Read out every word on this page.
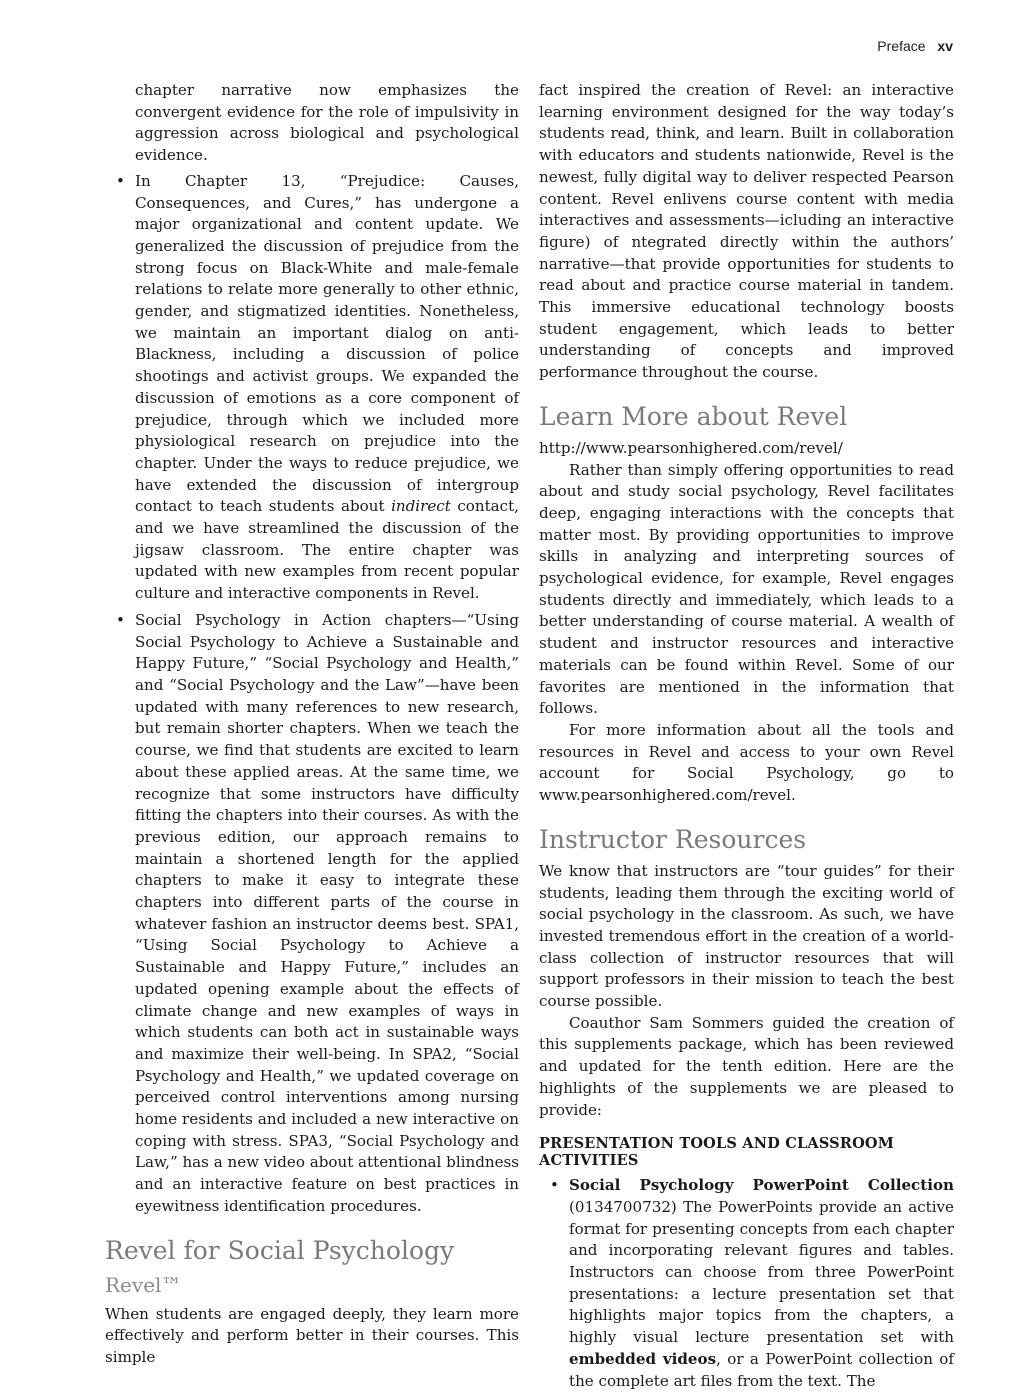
Preface xv

chapter narrative now emphasizes the convergent evidence for the role of impulsivity in aggression across biological and psychological evidence.

• In Chapter 13, “Prejudice: Causes, Consequences, and Cures,” has undergone a major organizational and content update. We generalized the discussion of prejudice from the strong focus on Black-White and male-female relations to relate more generally to other ethnic, gender, and stigmatized identities. Nonetheless, we maintain an important dialog on anti-Blackness, including a discussion of police shootings and activist groups. We expanded the discussion of emotions as a core component of prejudice, through which we included more physiological research on prejudice into the chapter. Under the ways to reduce prejudice, we have extended the discussion of intergroup contact to teach students about indirect contact, and we have streamlined the discussion of the jigsaw classroom. The entire chapter was updated with new examples from recent popular culture and interactive components in Revel.

• Social Psychology in Action chapters—“Using Social Psychology to Achieve a Sustainable and Happy Future,” “Social Psychology and Health,” and “Social Psychology and the Law”—have been updated with many references to new research, but remain shorter chapters. When we teach the course, we find that students are excited to learn about these applied areas. At the same time, we recognize that some instructors have difficulty fitting the chapters into their courses. As with the previous edition, our approach remains to maintain a shortened length for the applied chapters to make it easy to integrate these chapters into different parts of the course in whatever fashion an instructor deems best. SPA1, “Using Social Psychology to Achieve a Sustainable and Happy Future,” includes an updated opening example about the effects of climate change and new examples of ways in which students can both act in sustainable ways and maximize their well-being. In SPA2, “Social Psychology and Health,” we updated coverage on perceived control interventions among nursing home residents and included a new interactive on coping with stress. SPA3, “Social Psychology and Law,” has a new video about attentional blindness and an interactive feature on best practices in eyewitness identification procedures.

Revel for Social Psychology
Revel™

When students are engaged deeply, they learn more effectively and perform better in their courses. This simple

fact inspired the creation of Revel: an interactive learning environment designed for the way today’s students read, think, and learn. Built in collaboration with educators and students nationwide, Revel is the newest, fully digital way to deliver respected Pearson content. Revel enlivens course content with media interactives and assessments—icluding an interactive figure) of ntegrated directly within the authors’ narrative—that provide opportunities for students to read about and practice course material in tandem. This immersive educational technology boosts student engagement, which leads to better understanding of concepts and improved performance throughout the course.

Learn More about Revel

http://www.pearsonhighered.com/revel/

Rather than simply offering opportunities to read about and study social psychology, Revel facilitates deep, engaging interactions with the concepts that matter most. By providing opportunities to improve skills in analyzing and interpreting sources of psychological evidence, for example, Revel engages students directly and immediately, which leads to a better understanding of course material. A wealth of student and instructor resources and interactive materials can be found within Revel. Some of our favorites are mentioned in the information that follows.

For more information about all the tools and resources in Revel and access to your own Revel account for Social Psychology, go to www.pearsonhighered.com/revel.

Instructor Resources

We know that instructors are “tour guides” for their students, leading them through the exciting world of social psychology in the classroom. As such, we have invested tremendous effort in the creation of a world-class collection of instructor resources that will support professors in their mission to teach the best course possible.

Coauthor Sam Sommers guided the creation of this supplements package, which has been reviewed and updated for the tenth edition. Here are the highlights of the supplements we are pleased to provide:

PRESENTATION TOOLS AND CLASSROOM ACTIVITIES

• Social Psychology PowerPoint Collection (0134700732) The PowerPoints provide an active format for presenting concepts from each chapter and incorporating relevant figures and tables. Instructors can choose from three PowerPoint presentations: a lecture presentation set that highlights major topics from the chapters, a highly visual lecture presentation set with embedded videos, or a PowerPoint collection of the complete art files from the text. The
